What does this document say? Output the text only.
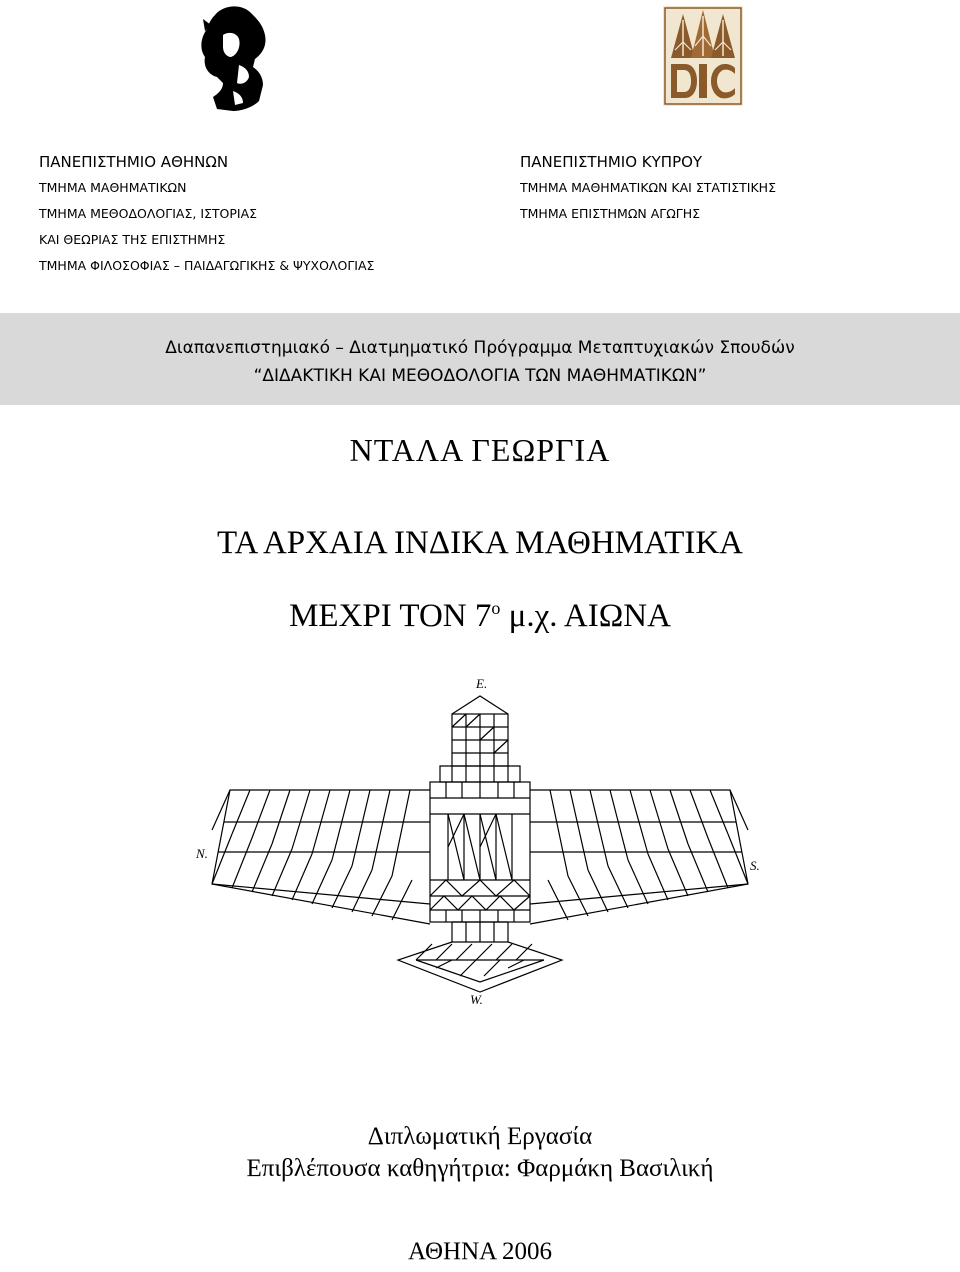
ΠΑΝΕΠΙΣΤΗΜΙΟ ΑΘΗΝΩΝ
ΤΜΗΜΑ ΜΑΘΗΜΑΤΙΚΩΝ
ΤΜΗΜΑ ΜΕΘΟΔΟΛΟΓΙΑΣ, ΙΣΤΟΡΙΑΣ
ΚΑΙ ΘΕΩΡΙΑΣ ΤΗΣ ΕΠΙΣΤΗΜΗΣ
ΤΜΗΜΑ ΦΙΛΟΣΟΦΙΑΣ – ΠΑΙΔΑΓΩΓΙΚΗΣ & ΨΥΧΟΛΟΓΙΑΣ
ΠΑΝΕΠΙΣΤΗΜΙΟ ΚΥΠΡΟΥ
ΤΜΗΜΑ ΜΑΘΗΜΑΤΙΚΩΝ ΚΑΙ ΣΤΑΤΙΣΤΙΚΗΣ
ΤΜΗΜΑ ΕΠΙΣΤΗΜΩΝ ΑΓΩΓΗΣ
Διαπανεπιστημιακό – Διατμηματικό Πρόγραμμα Μεταπτυχιακών Σπουδών
“ΔΙΔΑΚΤΙΚΗ ΚΑΙ ΜΕΘΟΔΟΛΟΓΙΑ ΤΩΝ ΜΑΘΗΜΑΤΙΚΩΝ”
ΝΤΑΛΑ ΓΕΩΡΓΙΑ
ΤΑ ΑΡΧΑΙΑ ΙΝΔΙΚΑ ΜΑΘΗΜΑΤΙΚΑ
ΜΕΧΡΙ ΤΟΝ $7^o$ μ.χ. ΑΙΩΝΑ
E.
N.
S.
W.
Διπλωματική Εργασία
Επιβλέπουσα καθηγήτρια: Φαρμάκη Βασιλική
ΑΘΗΝΑ 2006
